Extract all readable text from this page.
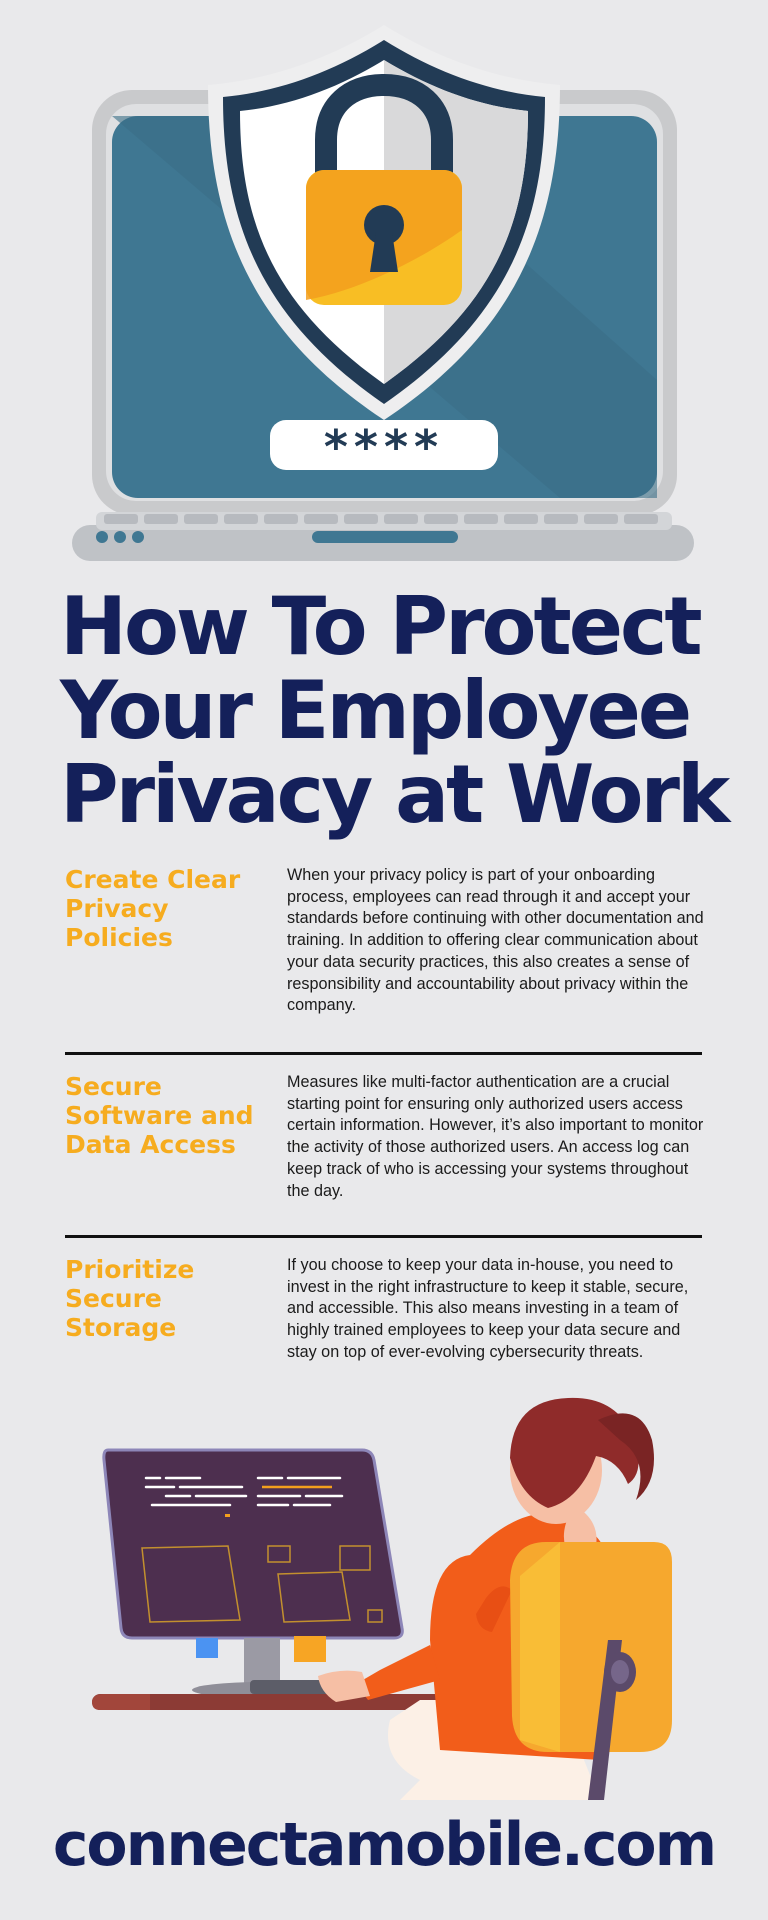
****
How To Protect
Your Employee
Privacy at Work
Create Clear Privacy Policies
When your privacy policy is part of your onboarding process, employees can read through it and accept your standards before continuing with other documentation and training. In addition to offering clear communication about your data security practices, this also creates a sense of responsibility and accountability about privacy within the company.
Secure Software and Data Access
Measures like multi-factor authentication are a crucial starting point for ensuring only authorized users access certain information. However, it’s also important to monitor the activity of those authorized users. An access log can keep track of who is accessing your systems throughout the day.
Prioritize Secure Storage
If you choose to keep your data in-house, you need to invest in the right infrastructure to keep it stable, secure, and accessible. This also means investing in a team of highly trained employees to keep your data secure and stay on top of ever-evolving cybersecurity threats.
connectamobile.com
